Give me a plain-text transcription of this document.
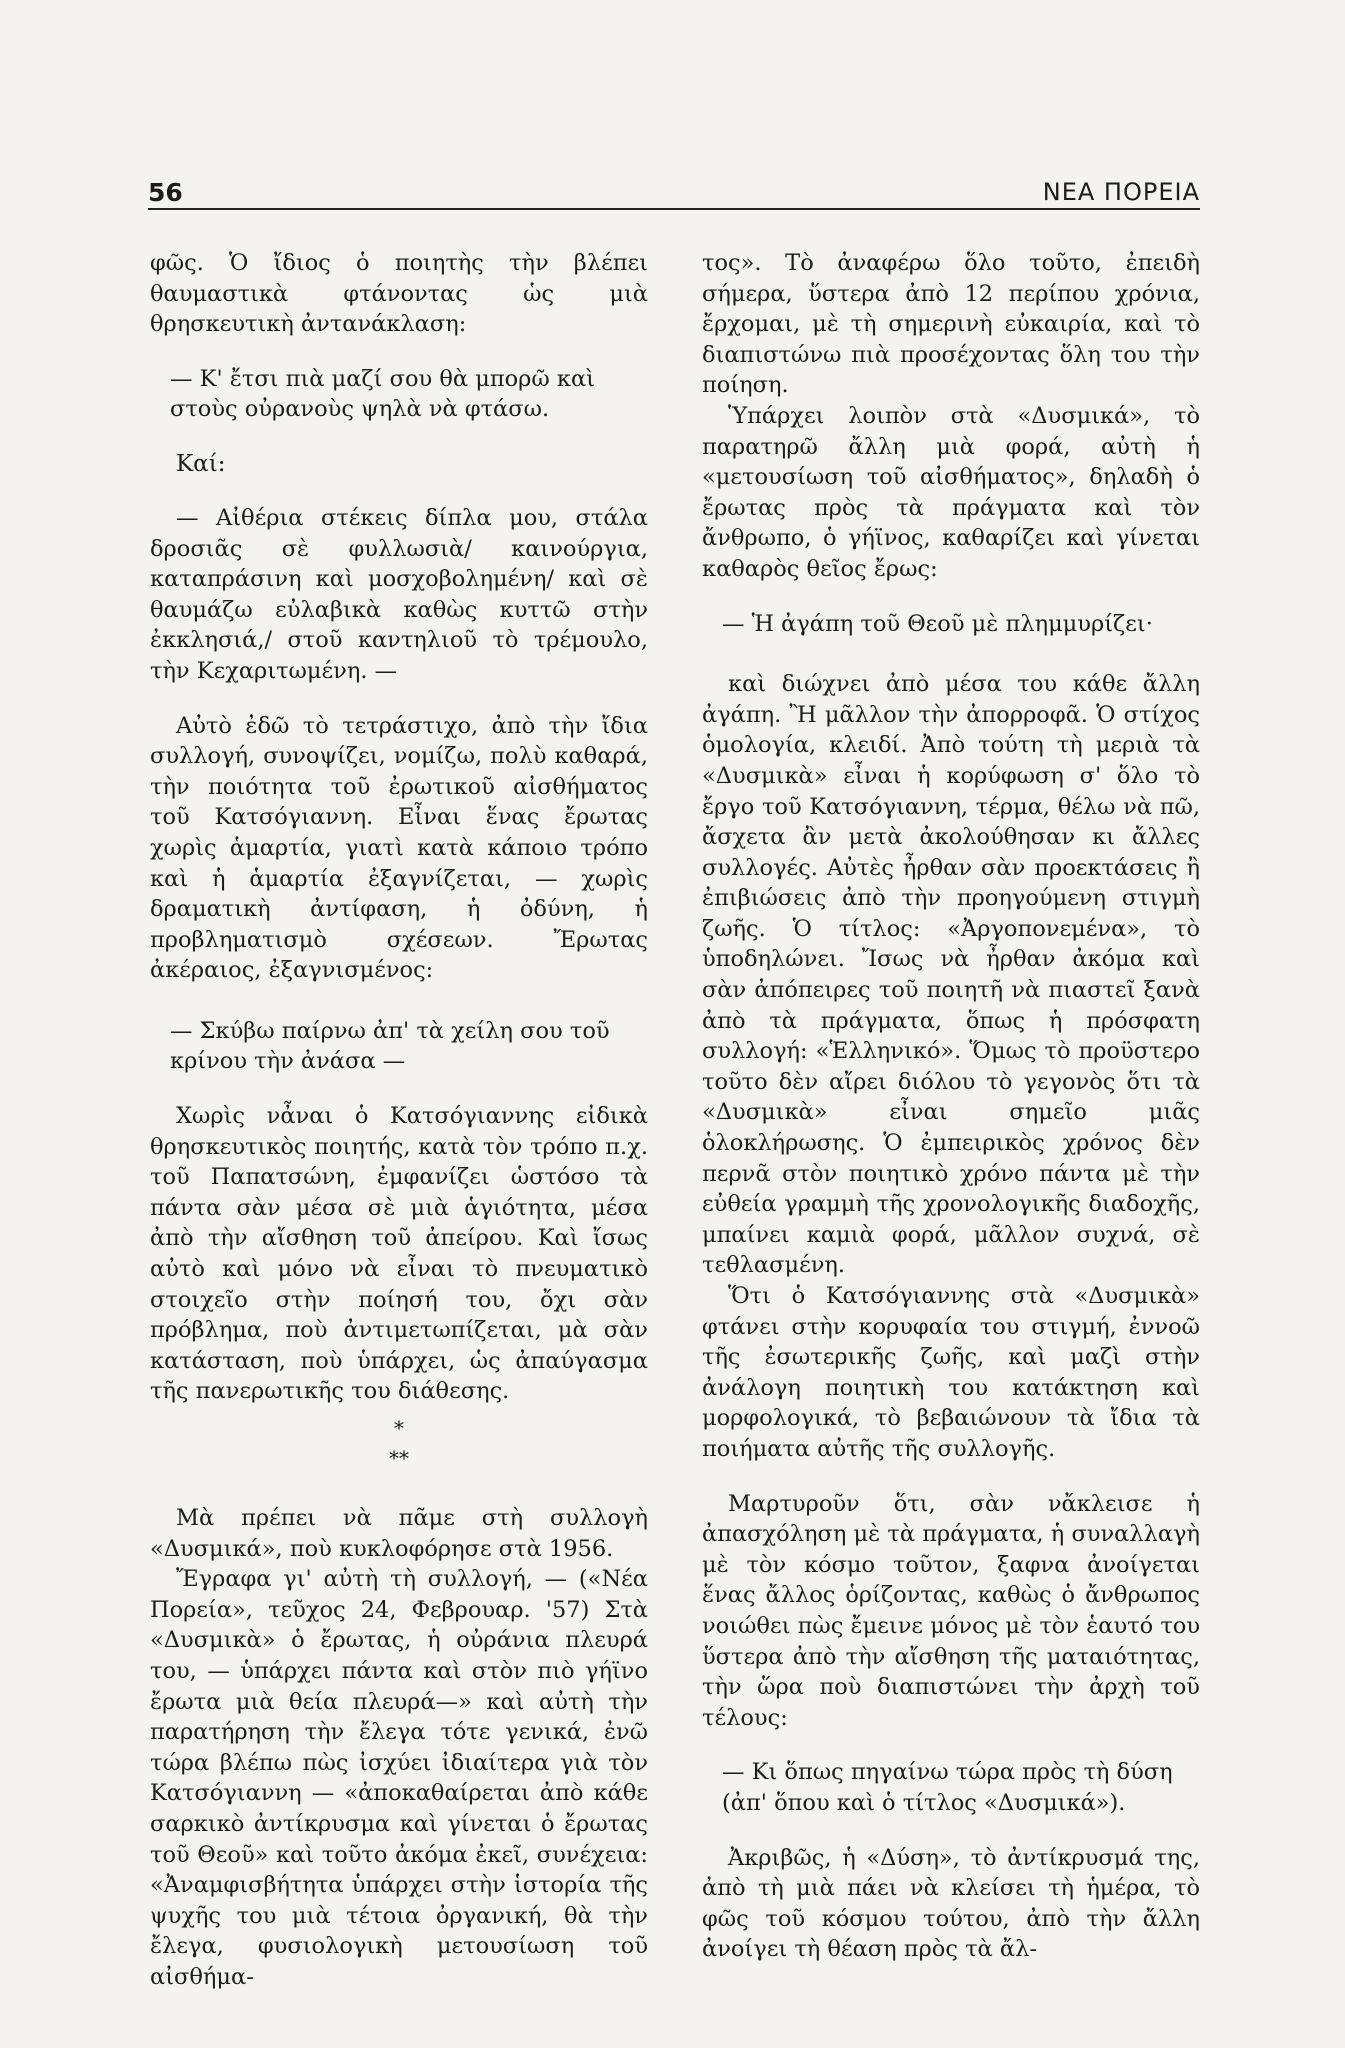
56	ΝΕΑ ΠΟΡΕΙΑ

φῶς. Ὁ ἴδιος ὁ ποιητὴς τὴν βλέπει θαυμαστικὰ φτάνοντας ὡς μιὰ θρησκευτικὴ ἀντανάκλαση:

— Κ' ἔτσι πιὰ μαζί σου θὰ μπορῶ καὶ στοὺς οὐρανοὺς ψηλὰ νὰ φτάσω.

Καί:

— Αἰθέρια στέκεις δίπλα μου, στάλα δροσιᾶς σὲ φυλλωσιὰ/ καινούργια, καταπράσινη καὶ μοσχοβολημένη/ καὶ σὲ θαυμάζω εὐλαβικὰ καθὼς κυττῶ στὴν ἐκκλησιά,/ στοῦ καντηλιοῦ τὸ τρέμουλο, τὴν Κεχαριτωμένη. —

Αὐτὸ ἐδῶ τὸ τετράστιχο, ἀπὸ τὴν ἴδια συλλογή, συνοψίζει, νομίζω, πολὺ καθαρά, τὴν ποιότητα τοῦ ἐρωτικοῦ αἰσθήματος τοῦ Κατσόγιαννη. Εἶναι ἕνας ἔρωτας χωρὶς ἁμαρτία, γιατὶ κατὰ κάποιο τρόπο καὶ ἡ ἁμαρτία ἐξαγνίζεται, — χωρὶς δραματικὴ ἀντίφαση, ἡ ὀδύνη, ἡ προβληματισμὸ σχέσεων. Ἔρωτας ἀκέραιος, ἐξαγνισμένος:

— Σκύβω παίρνω ἀπ' τὰ χείλη σου τοῦ κρίνου τὴν ἀνάσα —

Χωρὶς νἆναι ὁ Κατσόγιαννης εἰδικὰ θρησκευτικὸς ποιητής, κατὰ τὸν τρόπο π.χ. τοῦ Παπατσώνη, ἐμφανίζει ὡστόσο τὰ πάντα σὰν μέσα σὲ μιὰ ἁγιότητα, μέσα ἀπὸ τὴν αἴσθηση τοῦ ἀπείρου. Καὶ ἴσως αὐτὸ καὶ μόνο νὰ εἶναι τὸ πνευματικὸ στοιχεῖο στὴν ποίησή του, ὄχι σὰν πρόβλημα, ποὺ ἀντιμετωπίζεται, μὰ σὰν κατάσταση, ποὺ ὑπάρχει, ὡς ἀπαύγασμα τῆς πανερωτικῆς του διάθεσης.

*
**

Μὰ πρέπει νὰ πᾶμε στὴ συλλογὴ «Δυσμικά», ποὺ κυκλοφόρησε στὰ 1956.

Ἔγραφα γι' αὐτὴ τὴ συλλογή, — («Νέα Πορεία», τεῦχος 24, Φεβρουαρ. '57) Στὰ «Δυσμικὰ» ὁ ἔρωτας, ἡ οὐράνια πλευρά του, — ὑπάρχει πάντα καὶ στὸν πιὸ γήϊνο ἔρωτα μιὰ θεία πλευρά—» καὶ αὐτὴ τὴν παρατήρηση τὴν ἔλεγα τότε γενικά, ἐνῶ τώρα βλέπω πὼς ἰσχύει ἰδιαίτερα γιὰ τὸν Κατσόγιαννη — «ἀποκαθαίρεται ἀπὸ κάθε σαρκικὸ ἀντίκρυσμα καὶ γίνεται ὁ ἔρωτας τοῦ Θεοῦ» καὶ τοῦτο ἀκόμα ἐκεῖ, συνέχεια: «Ἀναμφισβήτητα ὑπάρχει στὴν ἱστορία τῆς ψυχῆς του μιὰ τέτοια ὀργανική, θὰ τὴν ἔλεγα, φυσιολογικὴ μετουσίωση τοῦ αἰσθήμα-

τος». Τὸ ἀναφέρω ὅλο τοῦτο, ἐπειδὴ σήμερα, ὕστερα ἀπὸ 12 περίπου χρόνια, ἔρχομαι, μὲ τὴ σημερινὴ εὐκαιρία, καὶ τὸ διαπιστώνω πιὰ προσέχοντας ὅλη του τὴν ποίηση.

Ὑπάρχει λοιπὸν στὰ «Δυσμικά», τὸ παρατηρῶ ἄλλη μιὰ φορά, αὐτὴ ἡ «μετουσίωση τοῦ αἰσθήματος», δηλαδὴ ὁ ἔρωτας πρὸς τὰ πράγματα καὶ τὸν ἄνθρωπο, ὁ γήϊνος, καθαρίζει καὶ γίνεται καθαρὸς θεῖος ἔρως:

— Ἡ ἀγάπη τοῦ Θεοῦ μὲ πλημμυρίζει·

καὶ διώχνει ἀπὸ μέσα του κάθε ἄλλη ἀγάπη. Ἢ μᾶλλον τὴν ἀπορροφᾶ. Ὁ στίχος ὁμολογία, κλειδί. Ἀπὸ τούτη τὴ μεριὰ τὰ «Δυσμικὰ» εἶναι ἡ κορύφωση σ' ὅλο τὸ ἔργο τοῦ Κατσόγιαννη, τέρμα, θέλω νὰ πῶ, ἄσχετα ἂν μετὰ ἀκολούθησαν κι ἄλλες συλλογές. Αὐτὲς ἦρθαν σὰν προεκτάσεις ἢ ἐπιβιώσεις ἀπὸ τὴν προηγούμενη στιγμὴ ζωῆς. Ὁ τίτλος: «Ἀργοπονεμένα», τὸ ὑποδηλώνει. Ἴσως νὰ ἦρθαν ἀκόμα καὶ σὰν ἀπόπειρες τοῦ ποιητῆ νὰ πιαστεῖ ξανὰ ἀπὸ τὰ πράγματα, ὅπως ἡ πρόσφατη συλλογή: «Ἑλληνικό». Ὅμως τὸ προϋστερο τοῦτο δὲν αἴρει διόλου τὸ γεγονὸς ὅτι τὰ «Δυσμικὰ» εἶναι σημεῖο μιᾶς ὁλοκλήρωσης. Ὁ ἐμπειρικὸς χρόνος δὲν περνᾶ στὸν ποιητικὸ χρόνο πάντα μὲ τὴν εὐθεία γραμμὴ τῆς χρονολογικῆς διαδοχῆς, μπαίνει καμιὰ φορά, μᾶλλον συχνά, σὲ τεθλασμένη.

Ὅτι ὁ Κατσόγιαννης στὰ «Δυσμικὰ» φτάνει στὴν κορυφαία του στιγμή, ἐννοῶ τῆς ἐσωτερικῆς ζωῆς, καὶ μαζὶ στὴν ἀνάλογη ποιητικὴ του κατάκτηση καὶ μορφολογικά, τὸ βεβαιώνουν τὰ ἴδια τὰ ποιήματα αὐτῆς τῆς συλλογῆς.

Μαρτυροῦν ὅτι, σὰν νἄκλεισε ἡ ἀπασχόληση μὲ τὰ πράγματα, ἡ συναλλαγὴ μὲ τὸν κόσμο τοῦτον, ξαφνα ἀνοίγεται ἕνας ἄλλος ὁρίζοντας, καθὼς ὁ ἄνθρωπος νοιώθει πὼς ἔμεινε μόνος μὲ τὸν ἑαυτό του ὕστερα ἀπὸ τὴν αἴσθηση τῆς ματαιότητας, τὴν ὥρα ποὺ διαπιστώνει τὴν ἀρχὴ τοῦ τέλους:

— Κι ὅπως πηγαίνω τώρα πρὸς τὴ δύση (ἀπ' ὅπου καὶ ὁ τίτλος «Δυσμικά»).

Ἀκριβῶς, ἡ «Δύση», τὸ ἀντίκρυσμά της, ἀπὸ τὴ μιὰ πάει νὰ κλείσει τὴ ἡμέρα, τὸ φῶς τοῦ κόσμου τούτου, ἀπὸ τὴν ἄλλη ἀνοίγει τὴ θέαση πρὸς τὰ ἄλ-
